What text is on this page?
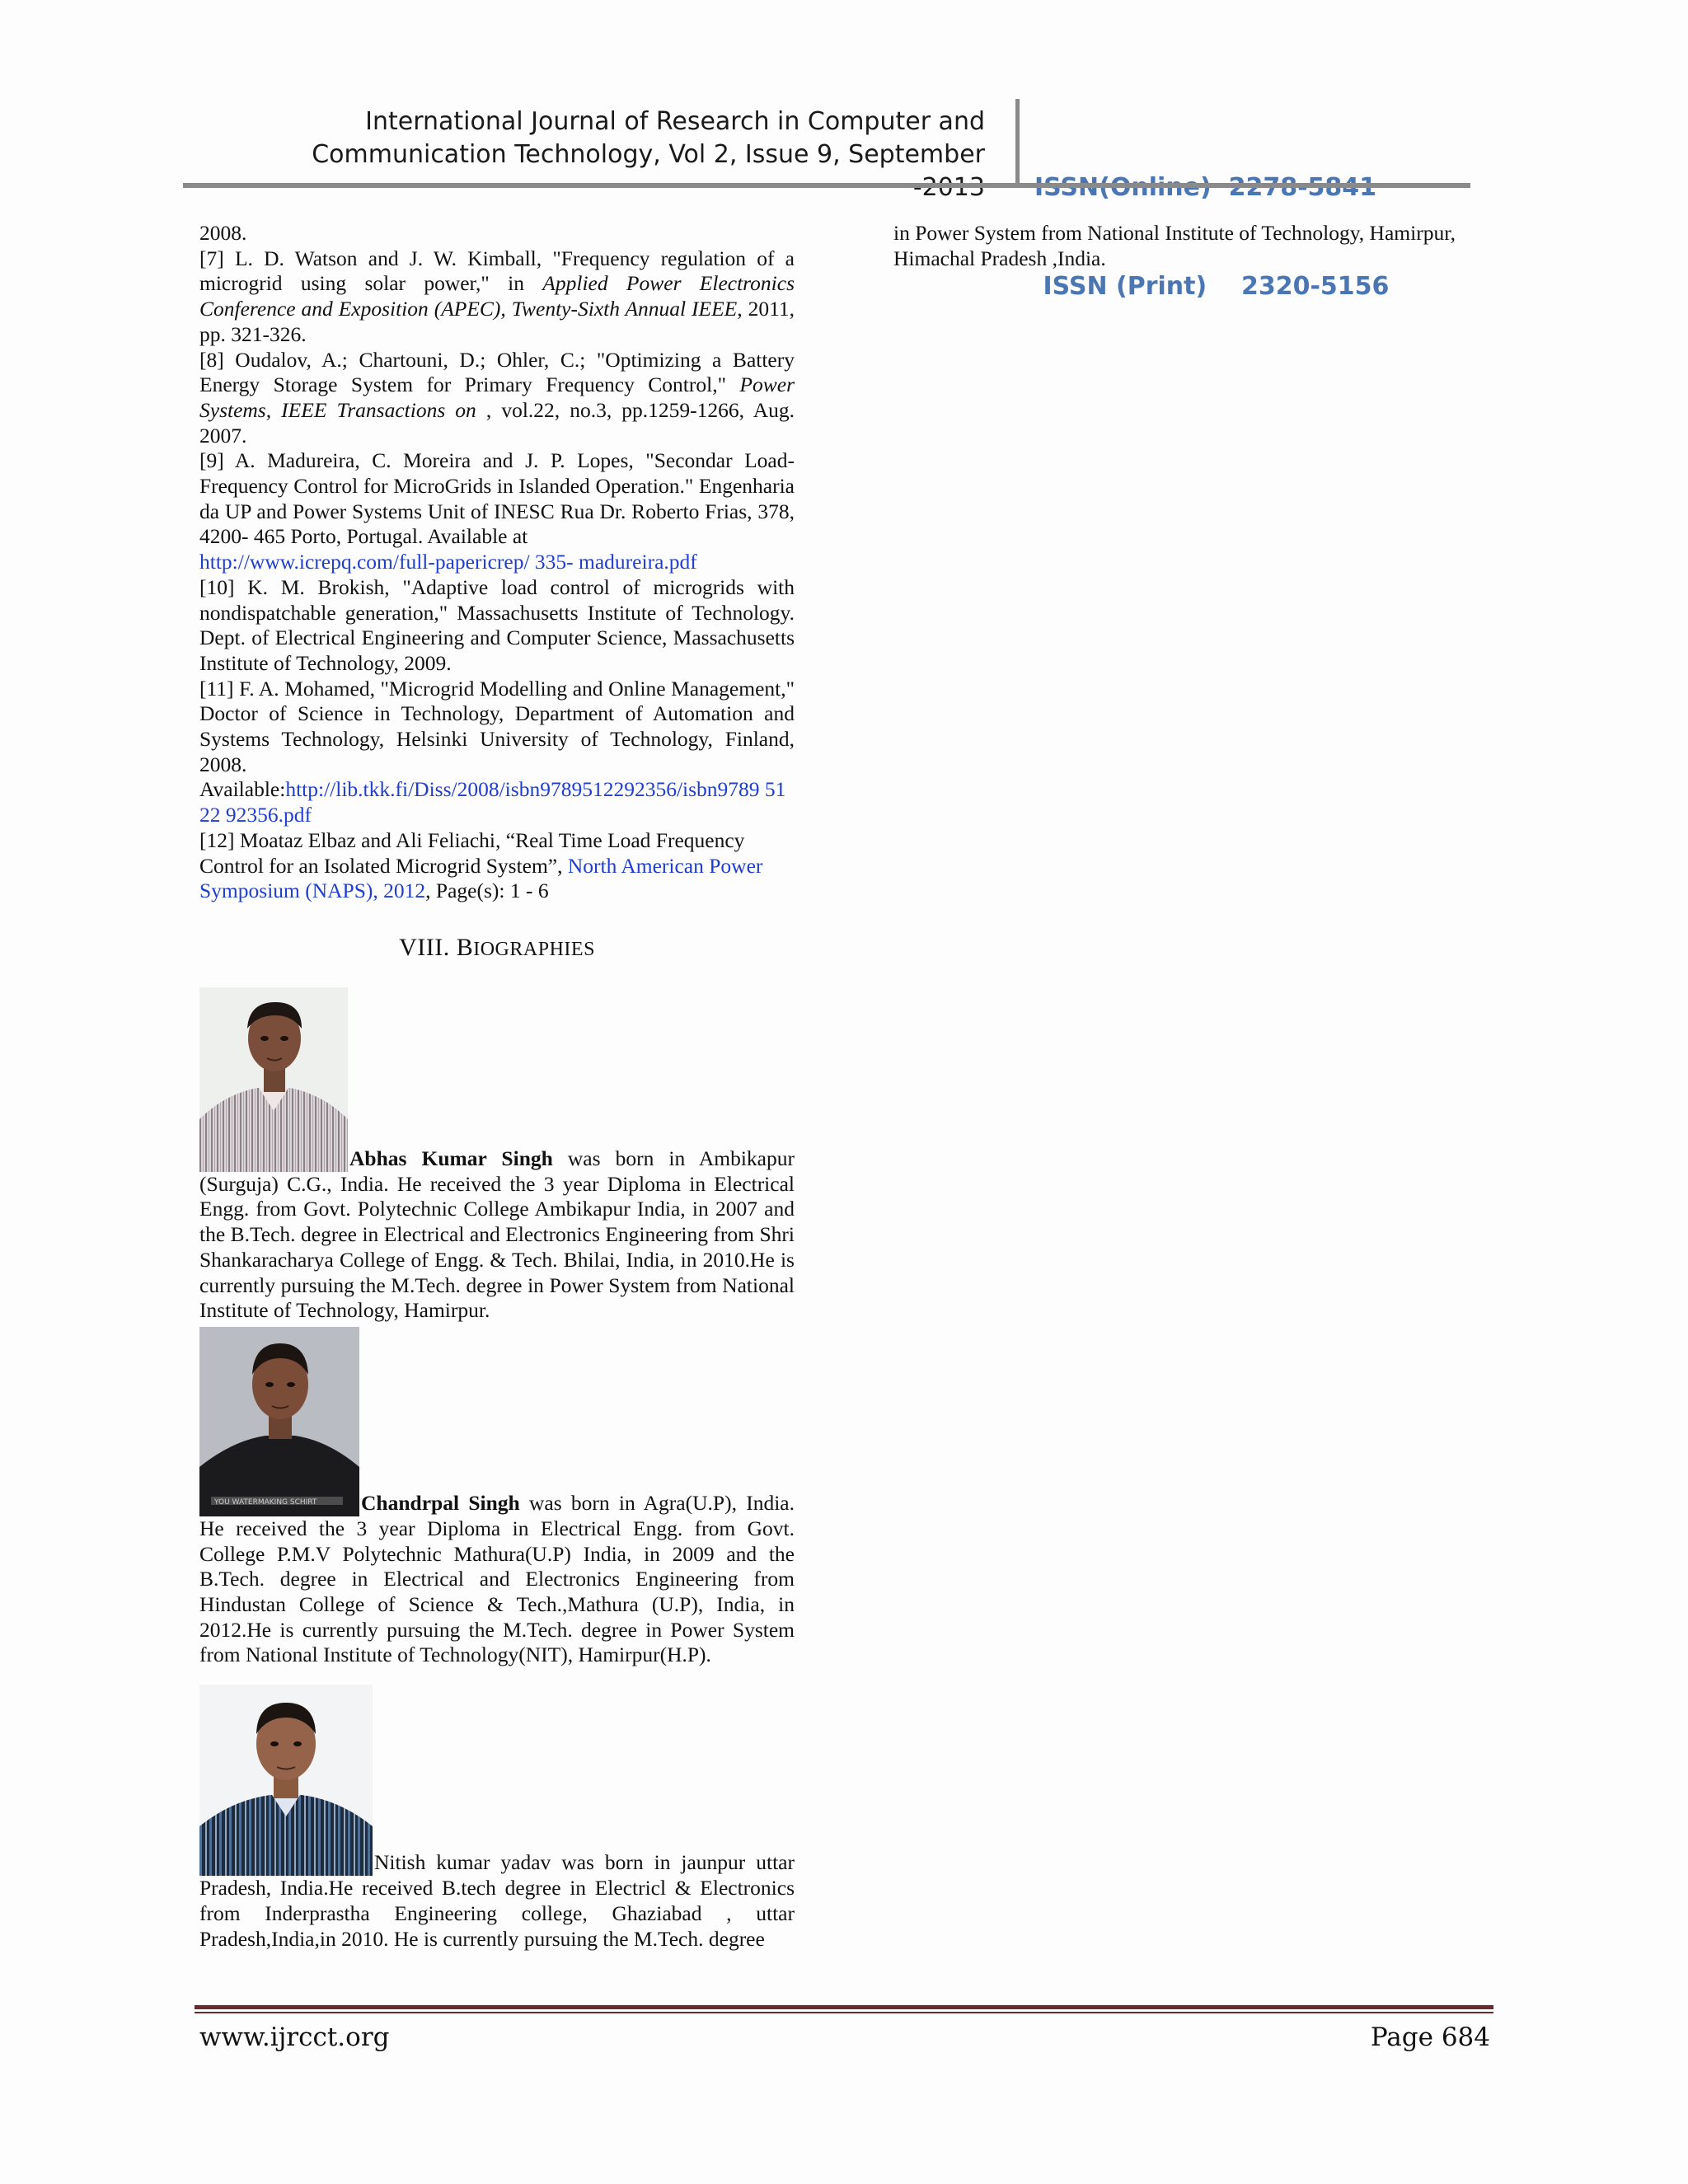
International Journal of Research in Computer and
Communication Technology, Vol 2, Issue 9, September

ISSN (Print)    2320-5156

2008.

[7] L. D. Watson and J. W. Kimball, "Frequency regulation of a microgrid using solar power," in Applied Power Electronics Conference and Exposition (APEC), Twenty-Sixth Annual IEEE, 2011, pp. 321-326.

[8] Oudalov, A.; Chartouni, D.; Ohler, C.; "Optimizing a Battery Energy Storage System for Primary Frequency Control," Power Systems, IEEE Transactions on , vol.22, no.3, pp.1259-1266, Aug. 2007.

[9] A. Madureira, C. Moreira and J. P. Lopes, "Secondar Load-Frequency Control for MicroGrids in Islanded Operation." Engenharia da UP and Power Systems Unit of INESC Rua Dr. Roberto Frias, 378, 4200- 465 Porto, Portugal. Available at
http://www.icrepq.com/full-papericrep/ 335- madureira.pdf

[10] K. M. Brokish, "Adaptive load control of microgrids with nondispatchable generation," Massachusetts Institute of Technology. Dept. of Electrical Engineering and Computer Science, Massachusetts Institute of Technology, 2009.

[11] F. A. Mohamed, "Microgrid Modelling and Online Management," Doctor of Science in Technology, Department of Automation and Systems Technology, Helsinki University of Technology, Finland, 2008.

Available:http://lib.tkk.fi/Diss/2008/isbn9789512292356/isbn9789 5122 92356.pdf

[12] Moataz Elbaz and Ali Feliachi, “Real Time Load Frequency Control for an Isolated Microgrid System”, North American Power Symposium (NAPS), 2012, Page(s): 1 - 6

VIII. BIOGRAPHIES

Abhas Kumar Singh was born in Ambikapur (Surguja) C.G., India. He received the 3 year Diploma in Electrical Engg. from Govt. Polytechnic College Ambikapur India, in 2007 and the B.Tech. degree in Electrical and Electronics Engineering from Shri Shankaracharya College of Engg. & Tech. Bhilai, India, in 2010.He is currently pursuing the M.Tech. degree in Power System from National Institute of Technology, Hamirpur.

YOU WATERMAKING SCHIRT	Chandrpal Singh was born in Agra(U.P), India. He received the 3 year Diploma in Electrical Engg. from Govt. College P.M.V Polytechnic Mathura(U.P) India, in 2009 and the B.Tech. degree in Electrical and Electronics Engineering from Hindustan College of Science & Tech.,Mathura (U.P), India, in 2012.He is currently pursuing the M.Tech. degree in Power System from National Institute of Technology(NIT), Hamirpur(H.P).

Nitish kumar yadav was born in jaunpur uttar Pradesh, India.He received B.tech degree in Electricl & Electronics from Inderprastha Engineering college, Ghaziabad , uttar Pradesh,India,in 2010. He is currently pursuing the M.Tech. degree

in Power System from National Institute of Technology, Hamirpur, Himachal Pradesh ,India.

www.ijrcct.org	Page 684
